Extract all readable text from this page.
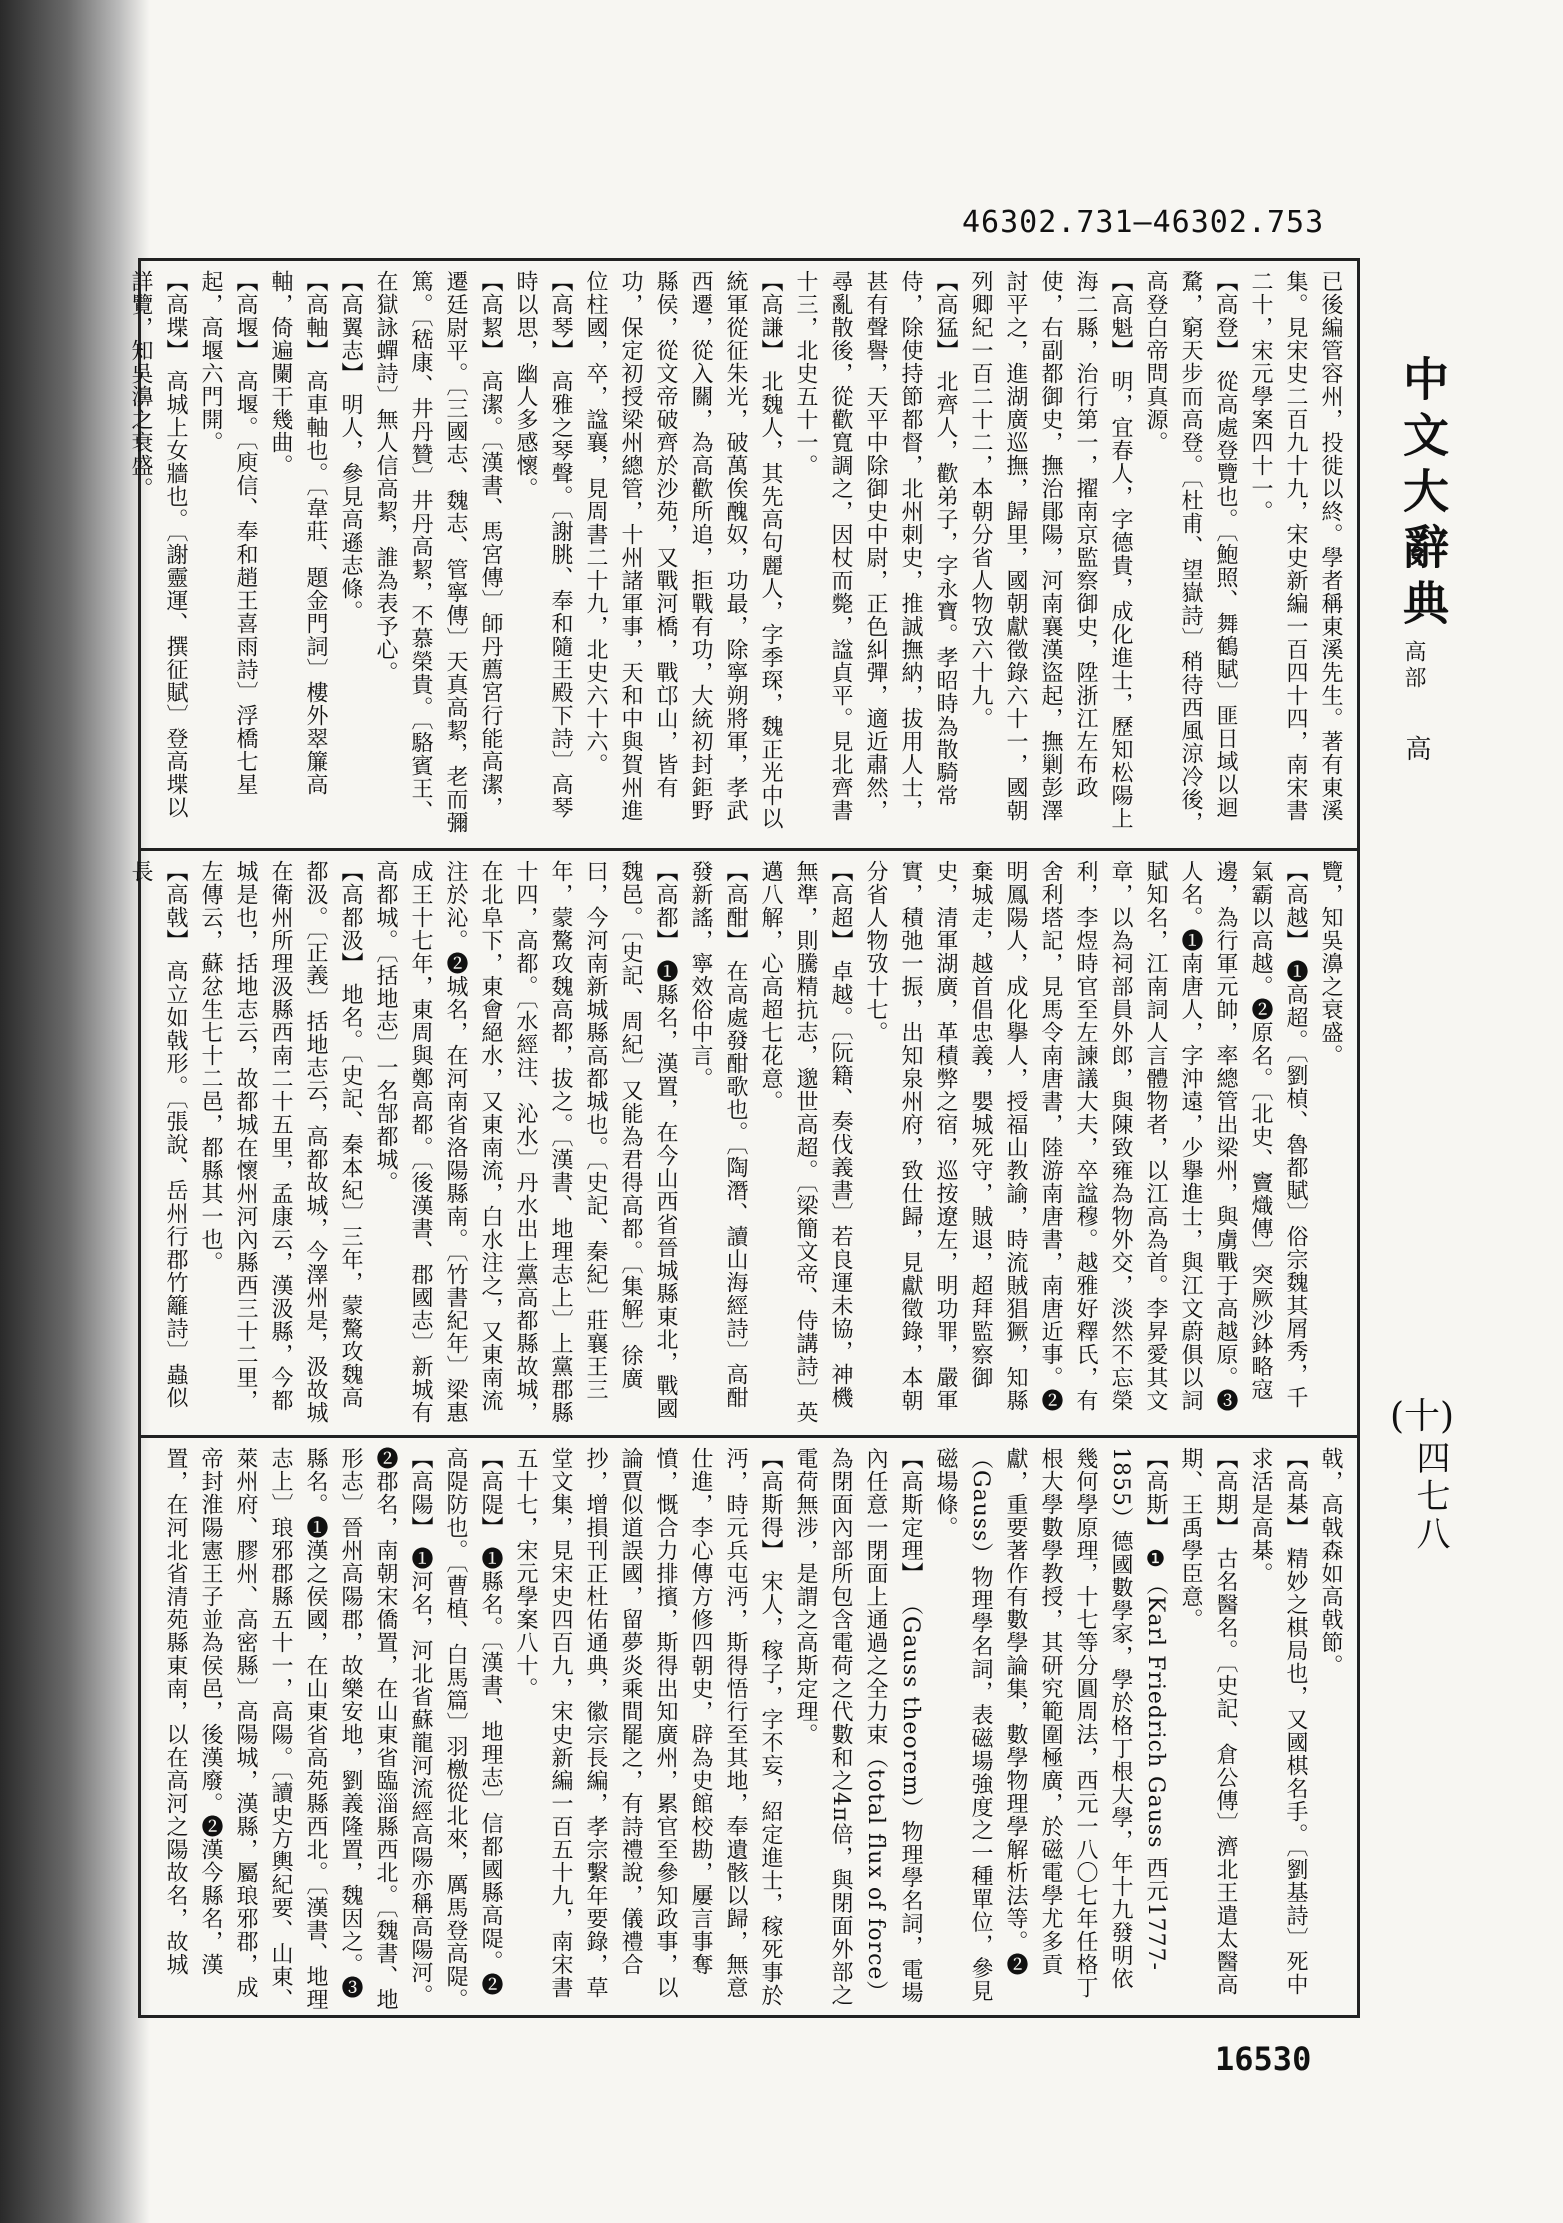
46302.731—46302.753
已後編管容州，投徙以終。學者稱東溪先生。著有東溪集。見宋史二百九十九，宋史新編一百四十四，南宋書二十，宋元學案四十一。
【高登】 從高處登覽也。〔鮑照、舞鶴賦〕匪日域以迴騖，窮天步而高登。〔杜甫、望嶽詩〕稍待西風涼冷後，高登白帝問真源。
【高魁】 明，宜春人，字德貴，成化進士，歷知松陽上海二縣，治行第一，擢南京監察御史，陞浙江左布政使，右副都御史，撫治鄖陽，河南襄漢盜起，撫剿彭澤討平之，進湖廣巡撫，歸里，國朝獻徵錄六十一，國朝列卿紀一百二十二，本朝分省人物攷六十九。
【高猛】 北齊人，歡弟子，字永寶。孝昭時為散騎常侍，除使持節都督，北州刺史，推誠撫納，拔用人士，甚有聲譽，天平中除御史中尉，正色糾彈，適近肅然，尋亂散後，從歡寬調之，因杖而斃，諡貞平。見北齊書十三，北史五十一。
【高謙】 北魏人，其先高句麗人，字季琛，魏正光中以統軍從征朱光，破萬俟醜奴，功最，除寧朔將軍，孝武西遷，從入關，為高歡所追，拒戰有功，大統初封鉅野縣侯，從文帝破齊於沙苑，又戰河橋，戰邙山，皆有功，保定初授梁州總管，十州諸軍事，天和中與賀州進位柱國，卒，諡襄，見周書二十九，北史六十六。
【高琴】 高雅之琴聲。〔謝朓、奉和隨王殿下詩〕高琴時以思，幽人多感懷。
【高絜】 高潔。〔漢書、馬宮傳〕師丹薦宮行能高潔，遷廷尉平。〔三國志、魏志、管寧傳〕天真高絜，老而彌篤。〔嵇康、井丹贊〕井丹高絜，不慕榮貴。〔駱賓王、在獄詠蟬詩〕無人信高絜，誰為表予心。
【高翼志】 明人，參見高遜志條。
【高軸】 高車軸也。〔韋莊、題金門詞〕樓外翠簾高軸，倚遍闌干幾曲。
【高堰】 高堰。〔庾信、奉和趙王喜雨詩〕浮橋七星起，高堰六門開。
【高堞】 高城上女牆也。〔謝靈運、撰征賦〕登高堞以詳覽，知吳濞之衰盛。
覽，知吳濞之衰盛。
【高越】 ❶高超。〔劉楨、魯都賦〕俗宗魏其屑秀，千氣霸以高越。❷原名。〔北史、竇熾傳〕突厥沙鉢略寇邊，為行軍元帥，率總管出梁州，與虜戰于高越原。❸人名。❶南唐人，字沖遠，少擧進士，與江文蔚俱以詞賦知名，江南詞人言體物者，以江高為首。李昇愛其文章，以為祠部員外郎，與陳致雍為物外交，淡然不忘榮利，李煜時官至左諫議大夫，卒諡穆。越雅好釋氏，有舍利塔記，見馬令南唐書，陸游南唐書，南唐近事。❷明鳳陽人，成化擧人，授福山教諭，時流賊猖獗，知縣棄城走，越首倡忠義，嬰城死守，賊退，超拜監察御史，清軍湖廣，革積弊之宿，巡按遼左，明功罪，嚴軍實，積弛一振，出知泉州府，致仕歸，見獻徵錄，本朝分省人物攷十七。
【高超】 卓越。〔阮籍、奏伐義書〕若良運未協，神機無準，則騰精抗志，邈世高超。〔梁簡文帝、侍講詩〕英邁八解，心高超七花意。
【高酣】 在高處發酣歌也。〔陶潛、讀山海經詩〕高酣發新謠，寧效俗中言。
【高都】 ❶縣名，漢置，在今山西省晉城縣東北，戰國魏邑。〔史記、周紀〕又能為君得高都。〔集解〕徐廣曰，今河南新城縣高都城也。〔史記、秦紀〕莊襄王三年，蒙驁攻魏高都，拔之。〔漢書、地理志上〕上黨郡縣十四，高都。〔水經注、沁水〕丹水出上黨高都縣故城，在北阜下，東會絕水，又東南流，白水注之，又東南流注於沁。❷城名，在河南省洛陽縣南。〔竹書紀年〕梁惠成王十七年，東周與鄭高都。〔後漢書、郡國志〕新城有高都城。〔括地志〕一名郜都城。
【高都汲】 地名。〔史記、秦本紀〕三年，蒙驁攻魏高都汲。〔正義〕括地志云，高都故城，今澤州是，汲故城在衛州所理汲縣西南二十五里，孟康云，漢汲縣，今都城是也，括地志云，故都城在懷州河內縣西三十二里，左傳云，蘇忿生七十二邑，都縣其一也。
【高戟】 高立如戟形。〔張說、岳州行郡竹籬詩〕蟲似長
戟，高戟森如高戟節。
【高棊】 精妙之棋局也，又國棋名手。〔劉基詩〕死中求活是高棊。
【高期】 古名醫名。〔史記、倉公傳〕濟北王遣太醫高期、王禹學臣意。
【高斯】 ❶（Karl Friedrich Gauss 西元1777-1855）德國數學家，學於格丁根大學，年十九發明依幾何學原理，十七等分圓周法，西元一八〇七年任格丁根大學數學教授，其研究範圍極廣，於磁電學尤多貢獻，重要著作有數學論集，數學物理學解析法等。❷（Gauss）物理學名詞，表磁場強度之一種單位，參見磁場條。
【高斯定理】 （Gauss theorem）物理學名詞，電場內任意一閉面上通過之全力束（total flux of force）為閉面內部所包含電荷之代數和之4π倍，與閉面外部之電荷無涉，是謂之高斯定理。
【高斯得】 宋人，稼子，字不妄，紹定進士，稼死事於沔，時元兵屯沔，斯得悟行至其地，奉遺骸以歸，無意仕進，李心傳方修四朝史，辟為史館校勘，屢言事奪憤，慨合力排擯，斯得出知廣州，累官至參知政事，以論賈似道誤國，留夢炎乘間罷之，有詩禮說，儀禮合抄，增損刊正杜佑通典，徽宗長編，孝宗繫年要錄，草堂文集，見宋史四百九，宋史新編一百五十九，南宋書五十七，宋元學案八十。
【高隄】 ❶縣名。〔漢書、地理志〕信都國縣高隄。❷高隄防也。〔曹植、白馬篇〕羽檄從北來，厲馬登高隄。
【高陽】 ❶河名，河北省蘇龍河流經高陽亦稱高陽河。❷郡名，南朝宋僑置，在山東省臨淄縣西北。〔魏書、地形志〕晉州高陽郡，故樂安地，劉義隆置，魏因之。❸縣名。❶漢之侯國，在山東省高苑縣西北。〔漢書、地理志上〕琅邪郡縣五十一，高陽。〔讀史方輿紀要、山東、萊州府、膠州、高密縣〕高陽城，漢縣，屬琅邪郡，成帝封淮陽憲王子並為侯邑，後漢廢。❷漢今縣名，漢置，在河北省清苑縣東南，以在高河之陽故名，故城
中文大辭典
高部
高
(十)
四七八
16530
